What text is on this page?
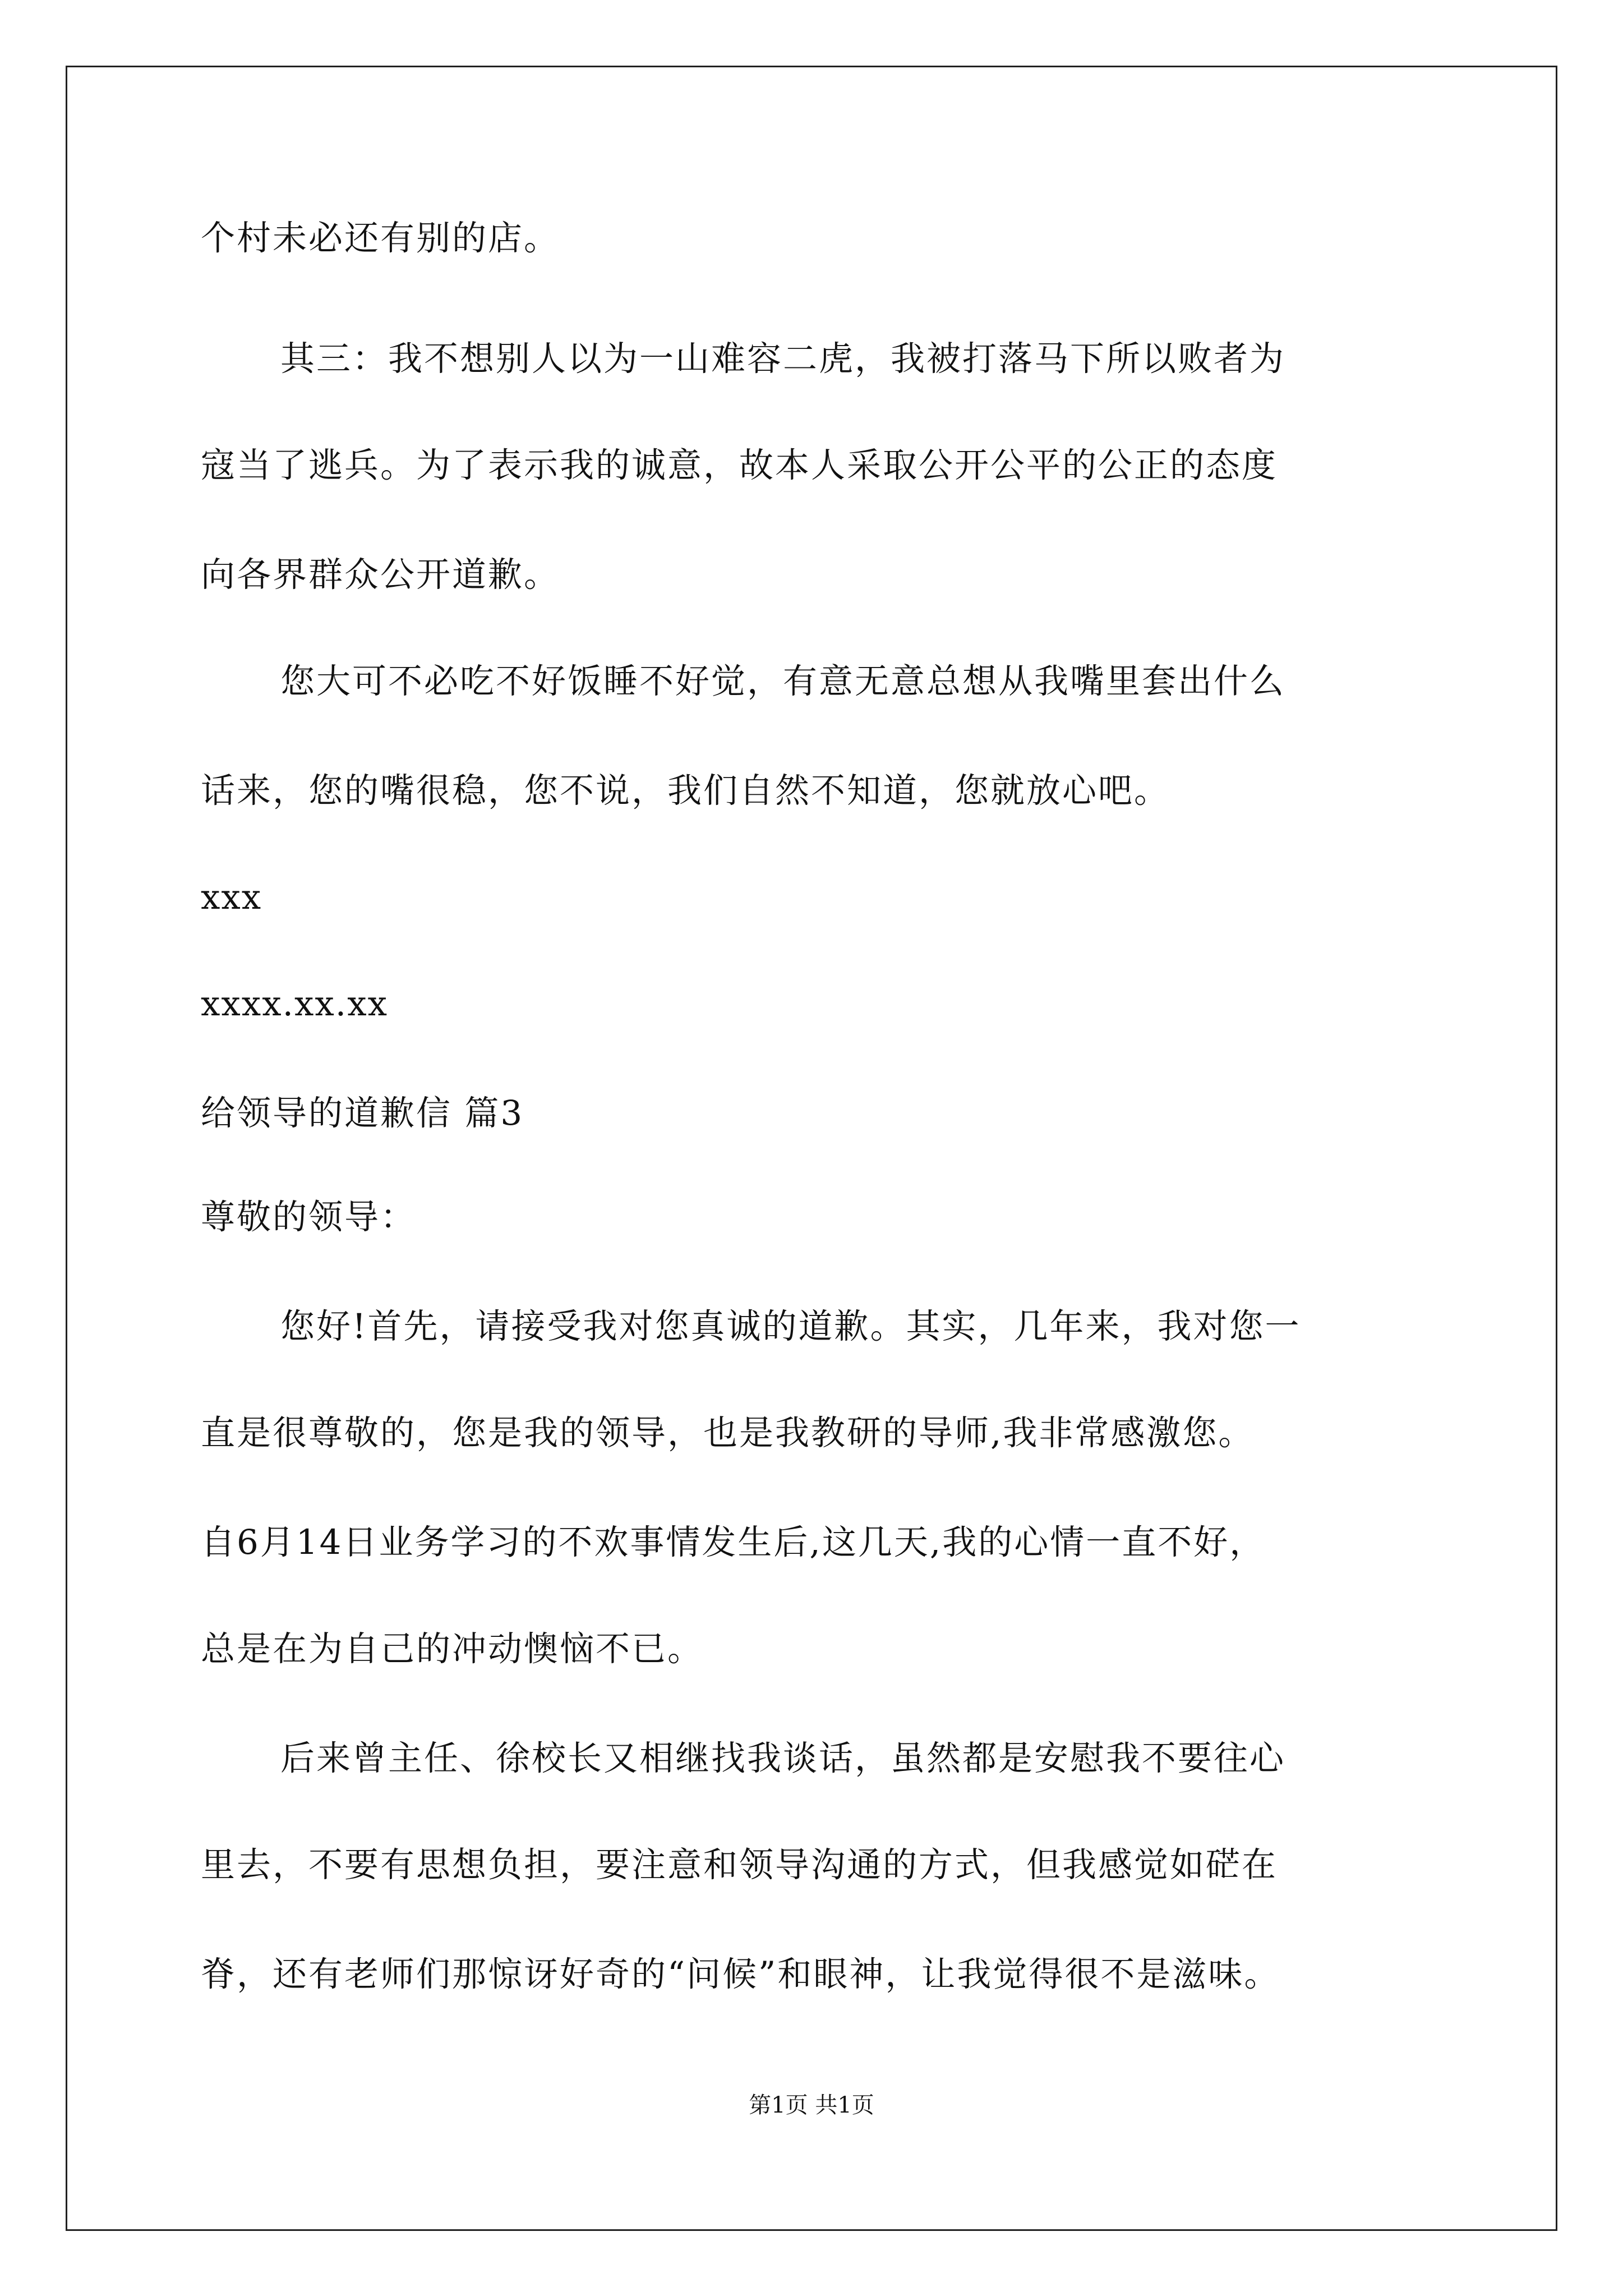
个村未必还有别的店。

其三：我不想别人以为一山难容二虎，我被打落马下所以败者为

寇当了逃兵。为了表示我的诚意，故本人采取公开公平的公正的态度

向各界群众公开道歉。

您大可不必吃不好饭睡不好觉，有意无意总想从我嘴里套出什么

话来，您的嘴很稳，您不说，我们自然不知道，您就放心吧。

xxx

xxxx.xx.xx

给领导的道歉信 篇3

尊敬的领导：

您好!首先，请接受我对您真诚的道歉。其实，几年来，我对您一

直是很尊敬的，您是我的领导，也是我教研的导师,我非常感激您。

自6月14日业务学习的不欢事情发生后,这几天,我的心情一直不好，

总是在为自己的冲动懊恼不已。

后来曾主任、徐校长又相继找我谈话，虽然都是安慰我不要往心

里去，不要有思想负担，要注意和领导沟通的方式，但我感觉如硭在

脊，还有老师们那惊讶好奇的“问候”和眼神，让我觉得很不是滋味。

第1页 共1页
